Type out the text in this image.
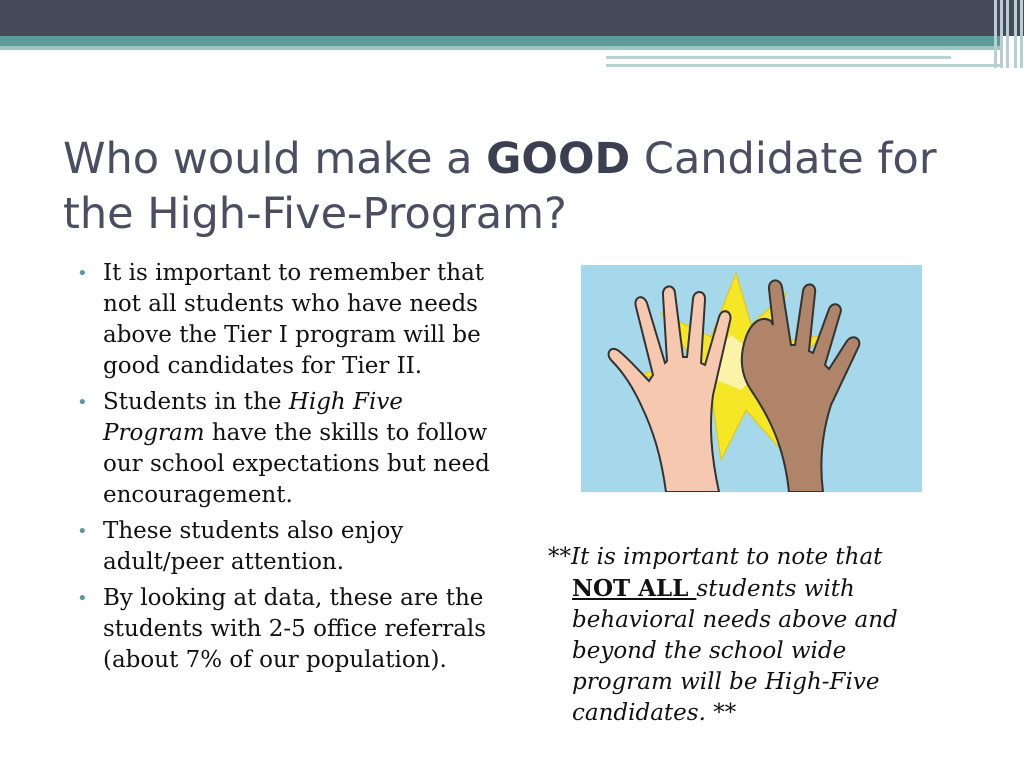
Who would make a GOOD Candidate for the High-Five-Program?
• It is important to remember that not all students who have needs above the Tier I program will be good candidates for Tier II.
• Students in the High Five Program have the skills to follow our school expectations but need encouragement.
• These students also enjoy adult/peer attention.
• By looking at data, these are the students with 2-5 office referrals (about 7% of our population).
**It is important to note that
NOT ALL students with behavioral needs above and beyond the school wide program will be High-Five candidates. **
